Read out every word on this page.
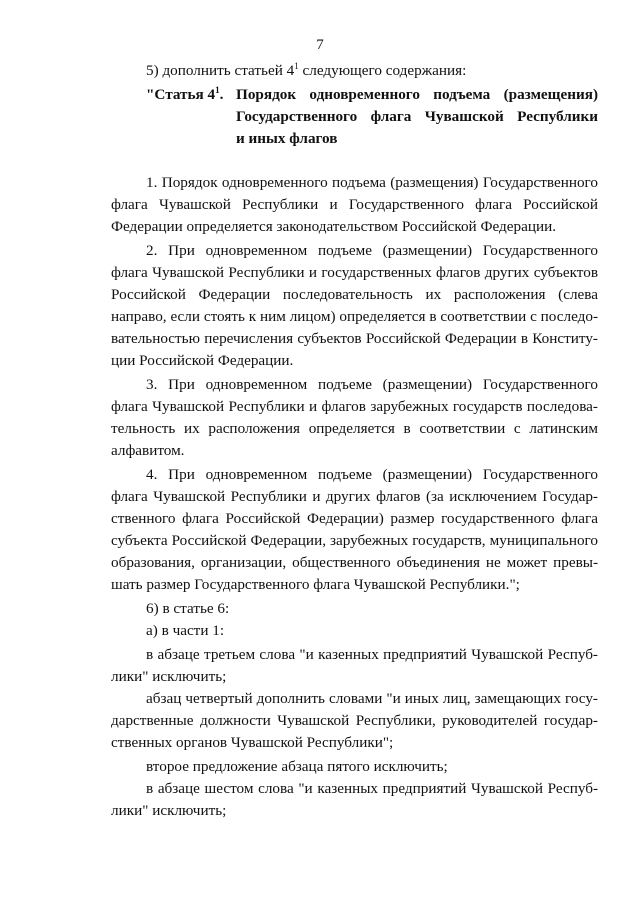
7
5) дополнить статьей $4^1$ следующего содержания:
"Статья $4^1$. Порядок одновременного подъема (размещения)
Государственного флага Чувашской Республики
и иных флагов
1. Порядок одновременного подъема (размещения) Государственного
флага Чувашской Республики и Государственного флага Российской
Федерации определяется законодательством Российской Федерации.
2. При одновременном подъеме (размещении) Государственного
флага Чувашской Республики и государственных флагов других субъектов
Российской Федерации последовательность их расположения (слева
направо, если стоять к ним лицом) определяется в соответствии с последо-
вательностью перечисления субъектов Российской Федерации в Конститу-
ции Российской Федерации.
3. При одновременном подъеме (размещении) Государственного
флага Чувашской Республики и флагов зарубежных государств последова-
тельность их расположения определяется в соответствии с латинским
алфавитом.
4. При одновременном подъеме (размещении) Государственного
флага Чувашской Республики и других флагов (за исключением Государ-
ственного флага Российской Федерации) размер государственного флага
субъекта Российской Федерации, зарубежных государств, муниципального
образования, организации, общественного объединения не может превы-
шать размер Государственного флага Чувашской Республики.";
6) в статье 6:
а) в части 1:
в абзаце третьем слова "и казенных предприятий Чувашской Респуб-
лики" исключить;
абзац четвертый дополнить словами "и иных лиц, замещающих госу-
дарственные должности Чувашской Республики, руководителей государ-
ственных органов Чувашской Республики";
второе предложение абзаца пятого исключить;
в абзаце шестом слова "и казенных предприятий Чувашской Респуб-
лики" исключить;
